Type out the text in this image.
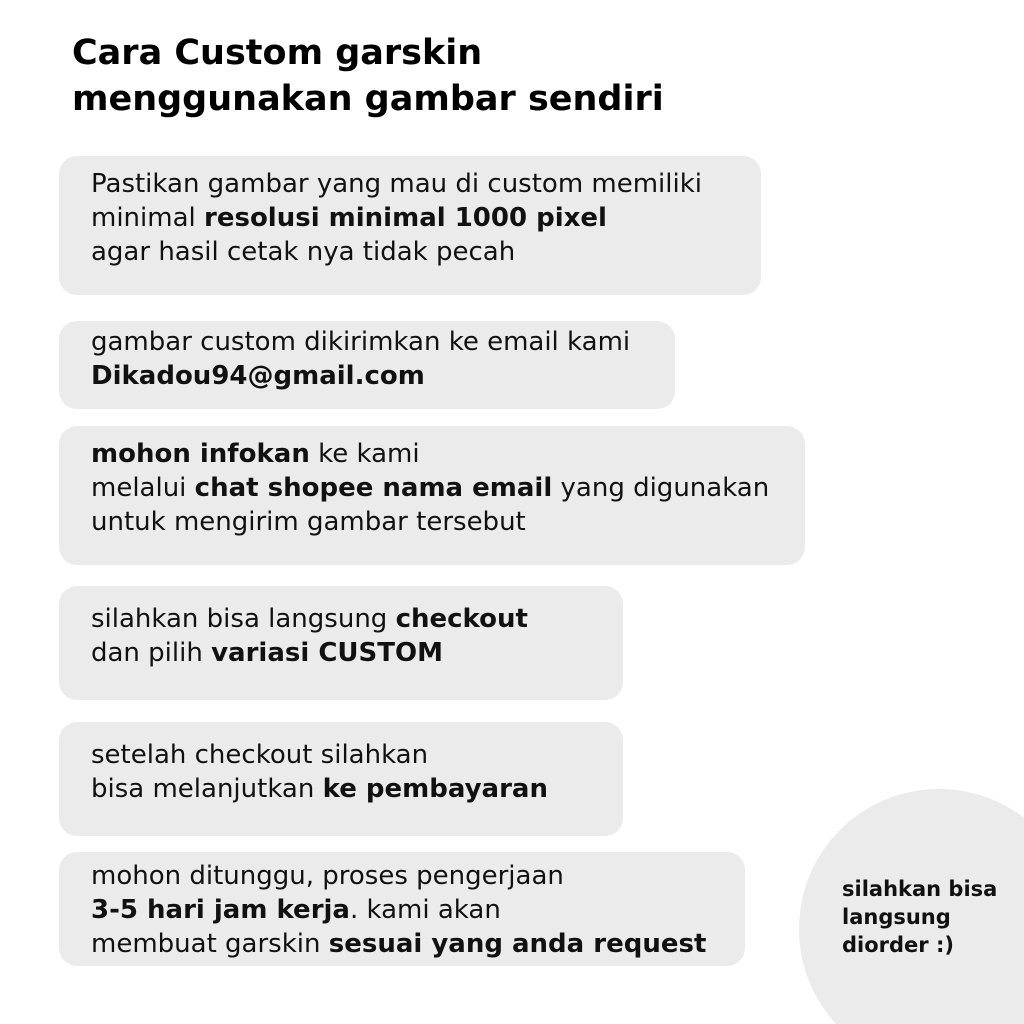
Cara Custom garskin
menggunakan gambar sendiri
Pastikan gambar yang mau di custom memiliki
minimal resolusi minimal 1000 pixel
agar hasil cetak nya tidak pecah
gambar custom dikirimkan ke email kami
Dikadou94@gmail.com
mohon infokan ke kami
melalui chat shopee nama email yang digunakan
untuk mengirim gambar tersebut
silahkan bisa langsung checkout
dan pilih variasi CUSTOM
setelah checkout silahkan
bisa melanjutkan ke pembayaran
mohon ditunggu, proses pengerjaan
3-5 hari jam kerja. kami akan
membuat garskin sesuai yang anda request
silahkan bisa
langsung
diorder :)
